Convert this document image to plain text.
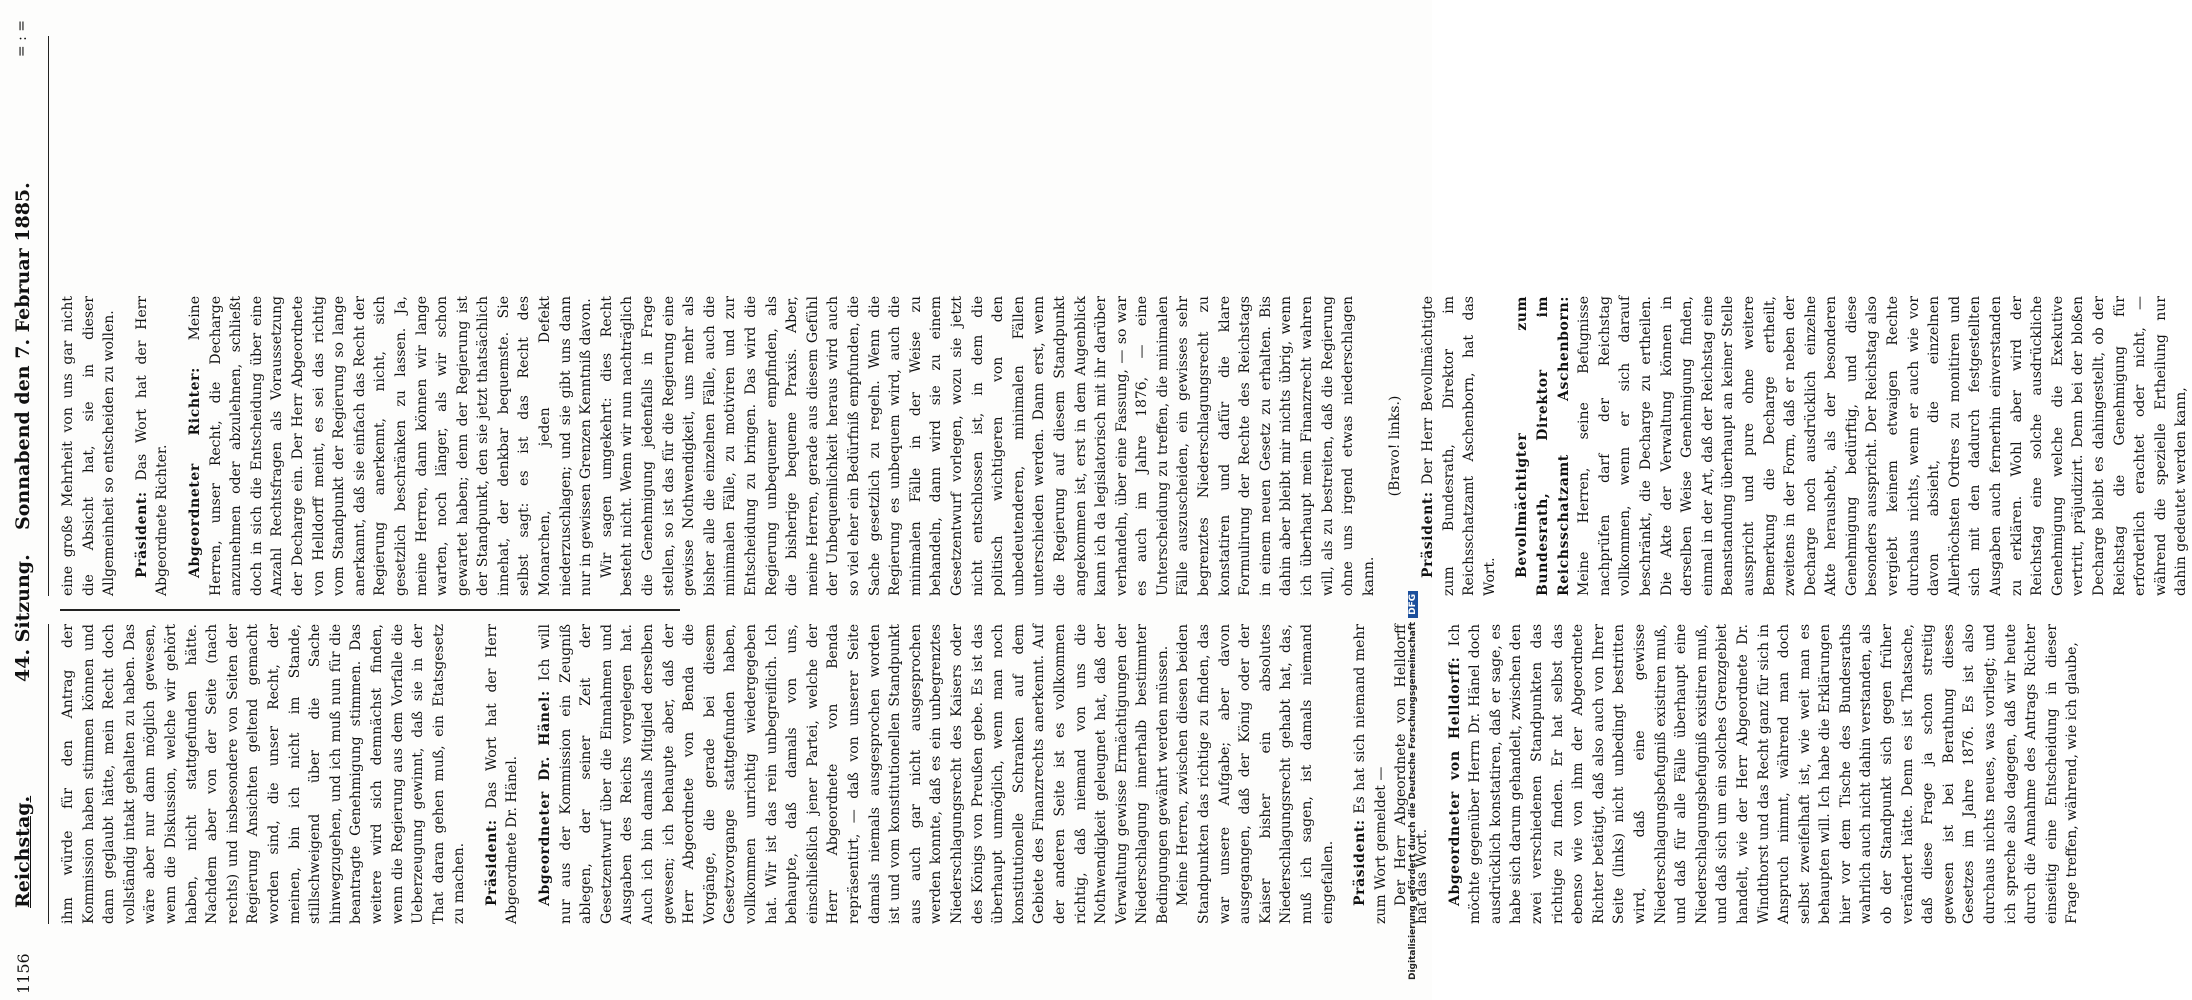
1156
Reichstag.
44. Sitzung.
Sonnabend den 7. Februar 1885.
= : =

ihm würde für den Antrag der Kommission haben stimmen können und dann geglaubt hätte, mein Recht doch vollständig intakt gehalten zu haben. Das wäre aber nur dann möglich gewesen, wenn die Diskussion, welche wir gehört haben, nicht stattgefunden hätte. Nachdem aber von der Seite (nach rechts) und insbesondere von Seiten der Regierung Ansichten geltend gemacht worden sind, die unser Recht, der meinen, bin ich nicht im Stande, stillschweigend über die Sache hinwegzugehen, und ich muß nun für die beantragte Genehmigung stimmen. Das weitere wird sich demnächst finden, wenn die Regierung aus dem Vorfalle die Ueberzeugung gewinnt, daß sie in der That daran gehen muß, ein Etatsgesetz zu machen. Präsident: Das Wort hat der Herr Abgeordnete Dr. Hänel. Abgeordneter Dr. Hänel: Ich will nur aus der Kommission ein Zeugniß ablegen, der seiner Zeit der Gesetzentwurf über die Einnahmen und Ausgaben des Reichs vorgelegen hat. Auch ich bin damals Mitglied derselben gewesen; ich behaupte aber, daß der Herr Abgeordnete von Benda die Vorgänge, die gerade bei diesem Gesetzvorgange stattgefunden haben, vollkommen unrichtig wiedergegeben hat. Wir ist das rein unbegreiflich. Ich behaupte, daß damals von uns, einschließlich jener Partei, welche der Herr Abgeordnete von Benda repräsentirt, — daß von unserer Seite damals niemals ausgesprochen worden ist und vom konstitutionellen Standpunkt aus auch gar nicht ausgesprochen werden konnte, daß es ein unbegrenztes Niederschlagungsrecht des Kaisers oder des Königs von Preußen gebe. Es ist das überhaupt unmöglich, wenn man noch konstitutionelle Schranken auf dem Gebiete des Finanzrechts anerkennt. Auf der anderen Seite ist es vollkommen richtig, daß niemand von uns die Nothwendigkeit geleugnet hat, daß der Verwaltung gewisse Ermächtigungen der Niederschlagung innerhalb bestimmter Bedingungen gewährt werden müssen. Meine Herren, zwischen diesen beiden Standpunkten das richtige zu finden, das war unsere Aufgabe; aber davon ausgegangen, daß der König oder der Kaiser bisher ein absolutes Niederschlagungsrecht gehabt hat, das, muß ich sagen, ist damals niemand eingefallen. Präsident: Es hat sich niemand mehr zum Wort gemeldet — Der Herr Abgeordnete von Helldorff hat das Wort. Abgeordneter von Helldorff: Ich möchte gegenüber Herrn Dr. Hänel doch ausdrücklich konstatiren, daß er sage, es habe sich darum gehandelt, zwischen den zwei verschiedenen Standpunkten das richtige zu finden. Er hat selbst das ebenso wie von ihm der Abgeordnete Richter betätigt, daß also auch von Ihrer Seite (links) nicht unbedingt bestritten wird, daß eine gewisse Niederschlagungsbefugniß existiren muß, und daß für alle Fälle überhaupt eine Niederschlagungsbefugniß existiren muß, und daß sich um ein solches Grenzgebiet handelt, wie der Herr Abgeordnete Dr. Windthorst und das Recht ganz für sich in Anspruch nimmt, während man doch selbst zweifelhaft ist, wie weit man es behaupten will. Ich habe die Erklärungen hier vor dem Tische des Bundesraths wahrlich auch nicht dahin verstanden, als ob der Standpunkt sich gegen früher verändert hätte. Denn es ist Thatsache, daß diese Frage ja schon streitig gewesen ist bei Berathung dieses Gesetzes im Jahre 1876. Es ist also durchaus nichts neues, was vorliegt; und ich spreche also dagegen, daß wir heute durch die Annahme des Antrags Richter einseitig eine Entscheidung in dieser Frage treffen, während, wie ich glaube,

eine große Mehrheit von uns gar nicht die Absicht hat, sie in dieser Allgemeinheit so entscheiden zu wollen. Präsident: Das Wort hat der Herr Abgeordnete Richter. Abgeordneter Richter: Meine Herren, unser Recht, die Decharge anzunehmen oder abzulehnen, schließt doch in sich die Entscheidung über eine Anzahl Rechtsfragen als Voraussetzung der Decharge ein. Der Herr Abgeordnete von Helldorff meint, es sei das richtig vom Standpunkt der Regierung so lange anerkannt, daß sie einfach das Recht der Regierung anerkennt, nicht, sich gesetzlich beschränken zu lassen. Ja, meine Herren, dann können wir lange warten, noch länger, als wir schon gewartet haben; denn der Regierung ist der Standpunkt, den sie jetzt thatsächlich innehat, der denkbar bequemste. Sie selbst sagt: es ist das Recht des Monarchen, jeden Defekt niederzuschlagen; und sie gibt uns dann nur in gewissen Grenzen Kenntniß davon. Wir sagen umgekehrt: dies Recht besteht nicht. Wenn wir nun nachträglich die Genehmigung jedenfalls in Frage stellen, so ist das für die Regierung eine gewisse Nothwendigkeit, uns mehr als bisher alle die einzelnen Fälle, auch die minimalen Fälle, zu motiviren und zur Entscheidung zu bringen. Das wird die Regierung unbequemer empfinden, als die bisherige bequeme Praxis. Aber, meine Herren, gerade aus diesem Gefühl der Unbequemlichkeit heraus wird auch so viel eher ein Bedürfniß empfunden, die Sache gesetzlich zu regeln. Wenn die Regierung es unbequem wird, auch die minimalen Fälle in der Weise zu behandeln, dann wird sie zu einem Gesetzentwurf vorlegen, wozu sie jetzt nicht entschlossen ist, in dem die politisch wichtigeren von den unbedeutenderen, minimalen Fällen unterschieden werden. Dann erst, wenn die Regierung auf diesem Standpunkt angekommen ist, erst in dem Augenblick kann ich da legislatorisch mit ihr darüber verhandeln, über eine Fassung, — so war es auch im Jahre 1876, — eine Unterscheidung zu treffen, die minimalen Fälle auszuscheiden, ein gewisses sehr begrenztes Niederschlagungsrecht zu konstatiren und dafür die klare Formulirung der Rechte des Reichstags in einem neuen Gesetz zu erhalten. Bis dahin aber bleibt mir nichts übrig, wenn ich überhaupt mein Finanzrecht wahren will, als zu bestreiten, daß die Regierung ohne uns irgend etwas niederschlagen kann.

(Bravo! links.)

Präsident: Der Herr Bevollmächtigte zum Bundesrath, Direktor im Reichsschatzamt Aschenborn, hat das Wort. Bevollmächtigter zum Bundesrath, Direktor im Reichsschatzamt Aschenborn: Meine Herren, seine Befugnisse nachprüfen darf der Reichstag vollkommen, wenn er sich darauf beschränkt, die Decharge zu ertheilen. Die Akte der Verwaltung können in derselben Weise Genehmigung finden, einmal in der Art, daß der Reichstag eine Beanstandung überhaupt an keiner Stelle ausspricht und pure ohne weitere Bemerkung die Decharge ertheilt, zweitens in der Form, daß er neben der Decharge noch ausdrücklich einzelne Akte heraushebt, als der besonderen Genehmigung bedürftig, und diese besonders ausspricht. Der Reichstag also vergiebt keinem etwaigen Rechte durchaus nichts, wenn er auch wie vor davon absieht, die einzelnen Allerhöchsten Ordres zu monitiren und sich mit den dadurch festgestellten Ausgaben auch fernerhin einverstanden zu erklären. Wohl aber wird der Reichstag eine solche ausdrückliche Genehmigung welche die Exekutive vertritt, präjudizirt. Denn bei der bloßen Decharge bleibt es dahingestellt, ob der Reichstag die Genehmigung für erforderlich erachtet oder nicht, — während die spezielle Ertheilung nur dahin gedeutet werden kann,

Digitalisierung gefördert durch die Deutsche ForschungsgemeinschaftDFG
